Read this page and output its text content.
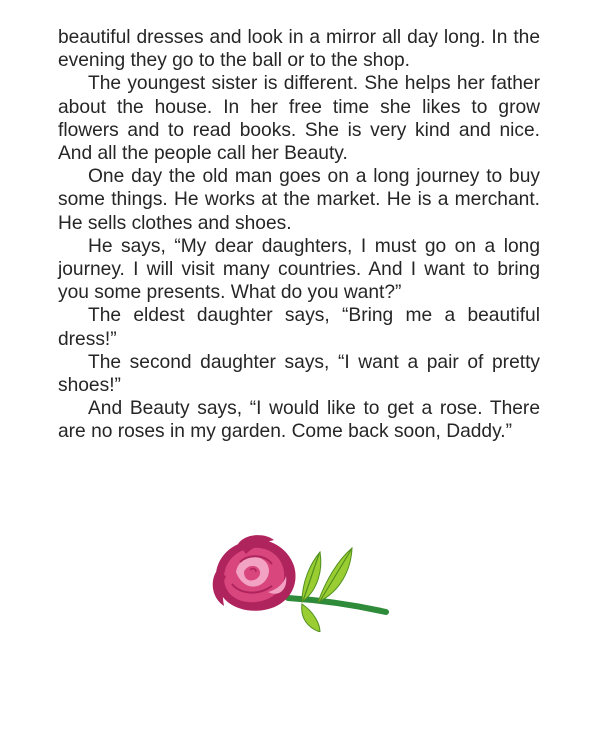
beautiful dresses and look in a mirror all day long. In the evening they go to the ball or to the shop.

The youngest sister is different. She helps her father about the house. In her free time she likes to grow flowers and to read books. She is very kind and nice. And all the people call her Beauty.

One day the old man goes on a long journey to buy some things. He works at the market. He is a merchant. He sells clothes and shoes.

He says, “My dear daughters, I must go on a long journey. I will visit many countries. And I want to bring you some presents. What do you want?”

The eldest daughter says, “Bring me a beautiful dress!”

The second daughter says, “I want a pair of pretty shoes!”

And Beauty says, “I would like to get a rose. There are no roses in my garden. Come back soon, Daddy.”
